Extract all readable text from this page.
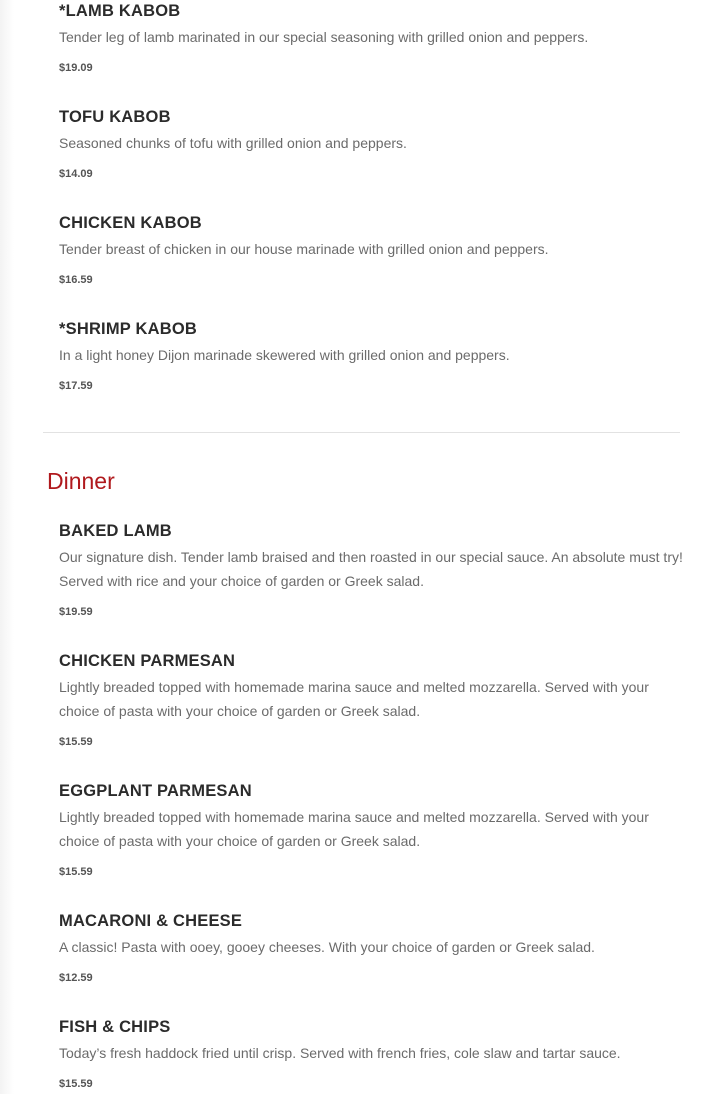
*LAMB KABOB

Tender leg of lamb marinated in our special seasoning with grilled onion and peppers.

$19.09

TOFU KABOB

Seasoned chunks of tofu with grilled onion and peppers.

$14.09

CHICKEN KABOB

Tender breast of chicken in our house marinade with grilled onion and peppers.

$16.59

*SHRIMP KABOB

In a light honey Dijon marinade skewered with grilled onion and peppers.

$17.59

Dinner

BAKED LAMB

Our signature dish. Tender lamb braised and then roasted in our special sauce. An absolute must try! Served with rice and your choice of garden or Greek salad.

$19.59

CHICKEN PARMESAN

Lightly breaded topped with homemade marina sauce and melted mozzarella. Served with your choice of pasta with your choice of garden or Greek salad.

$15.59

EGGPLANT PARMESAN

Lightly breaded topped with homemade marina sauce and melted mozzarella. Served with your choice of pasta with your choice of garden or Greek salad.

$15.59

MACARONI & CHEESE

A classic! Pasta with ooey, gooey cheeses. With your choice of garden or Greek salad.

$12.59

FISH & CHIPS

Today’s fresh haddock fried until crisp. Served with french fries, cole slaw and tartar sauce.

$15.59
